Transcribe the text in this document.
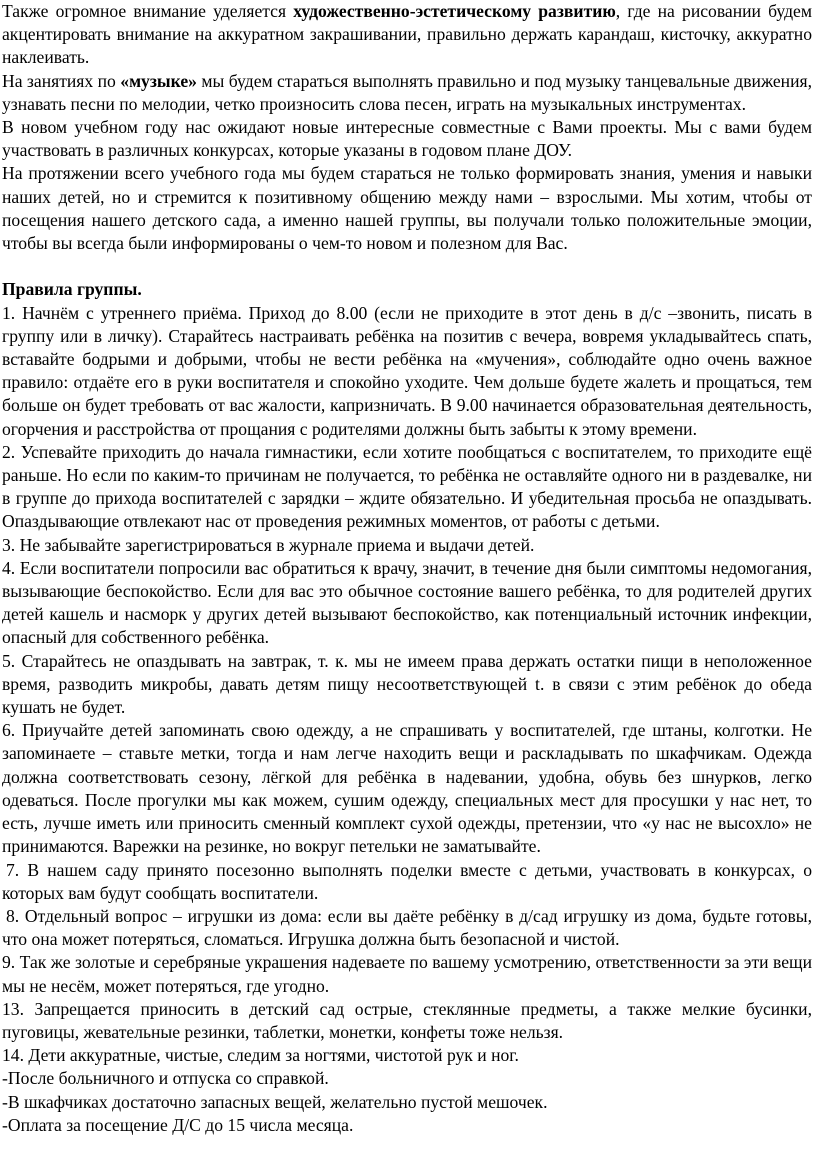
Также огромное внимание уделяется художественно-эстетическому развитию, где на рисовании будем акцентировать внимание на аккуратном закрашивании, правильно держать карандаш, кисточку, аккуратно наклеивать.

На занятиях по «музыке» мы будем стараться выполнять правильно и под музыку танцевальные движения, узнавать песни по мелодии, четко произносить слова песен, играть на музыкальных инструментах.

В новом учебном году нас ожидают новые интересные совместные с Вами проекты. Мы с вами будем участвовать в различных конкурсах, которые указаны в годовом плане ДОУ.

На протяжении всего учебного года мы будем стараться не только формировать знания, умения и навыки наших детей, но и стремится к позитивному общению между нами – взрослыми. Мы хотим, чтобы от посещения нашего детского сада, а именно нашей группы, вы получали только положительные эмоции, чтобы вы всегда были информированы о чем-то новом и полезном для Вас.

Правила группы.

1. Начнём с утреннего приёма. Приход до 8.00 (если не приходите в этот день в д/с –звонить, писать в группу или в личку). Старайтесь настраивать ребёнка на позитив с вечера, вовремя укладывайтесь спать, вставайте бодрыми и добрыми, чтобы не вести ребёнка на «мучения», соблюдайте одно очень важное правило: отдаёте его в руки воспитателя и спокойно уходите. Чем дольше будете жалеть и прощаться, тем больше он будет требовать от вас жалости, капризничать. В 9.00 начинается образовательная деятельность, огорчения и расстройства от прощания с родителями должны быть забыты к этому времени.

2. Успевайте приходить до начала гимнастики, если хотите пообщаться с воспитателем, то приходите ещё раньше. Но если по каким-то причинам не получается, то ребёнка не оставляйте одного ни в раздевалке, ни в группе до прихода воспитателей с зарядки – ждите обязательно. И убедительная просьба не опаздывать. Опаздывающие отвлекают нас от проведения режимных моментов, от работы с детьми.

3. Не забывайте зарегистрироваться в журнале приема и выдачи детей.

4. Если воспитатели попросили вас обратиться к врачу, значит, в течение дня были симптомы недомогания, вызывающие беспокойство. Если для вас это обычное состояние вашего ребёнка, то для родителей других детей кашель и насморк у других детей вызывают беспокойство, как потенциальный источник инфекции, опасный для собственного ребёнка.

5. Старайтесь не опаздывать на завтрак, т. к. мы не имеем права держать остатки пищи в неположенное время, разводить микробы, давать детям пищу несоответствующей t. в связи с этим ребёнок до обеда кушать не будет.

6. Приучайте детей запоминать свою одежду, а не спрашивать у воспитателей, где штаны, колготки. Не запоминаете – ставьте метки, тогда и нам легче находить вещи и раскладывать по шкафчикам. Одежда должна соответствовать сезону, лёгкой для ребёнка в надевании, удобна, обувь без шнурков, легко одеваться. После прогулки мы как можем, сушим одежду, специальных мест для просушки у нас нет, то есть, лучше иметь или приносить сменный комплект сухой одежды, претензии, что «у нас не высохло» не принимаются. Варежки на резинке, но вокруг петельки не заматывайте.

7. В нашем саду принято посезонно выполнять поделки вместе с детьми, участвовать в конкурсах, о которых вам будут сообщать воспитатели.

8. Отдельный вопрос – игрушки из дома: если вы даёте ребёнку в д/сад игрушку из дома, будьте готовы, что она может потеряться, сломаться. Игрушка должна быть безопасной и чистой.

9. Так же золотые и серебряные украшения надеваете по вашему усмотрению, ответственности за эти вещи мы не несём, может потеряться, где угодно.

13. Запрещается приносить в детский сад острые, стеклянные предметы, а также мелкие бусинки, пуговицы, жевательные резинки, таблетки, монетки, конфеты тоже нельзя.

14. Дети аккуратные, чистые, следим за ногтями, чистотой рук и ног.

-После больничного и отпуска со справкой.

-В шкафчиках достаточно запасных вещей, желательно пустой мешочек.

-Оплата за посещение Д/С до 15 числа месяца.
